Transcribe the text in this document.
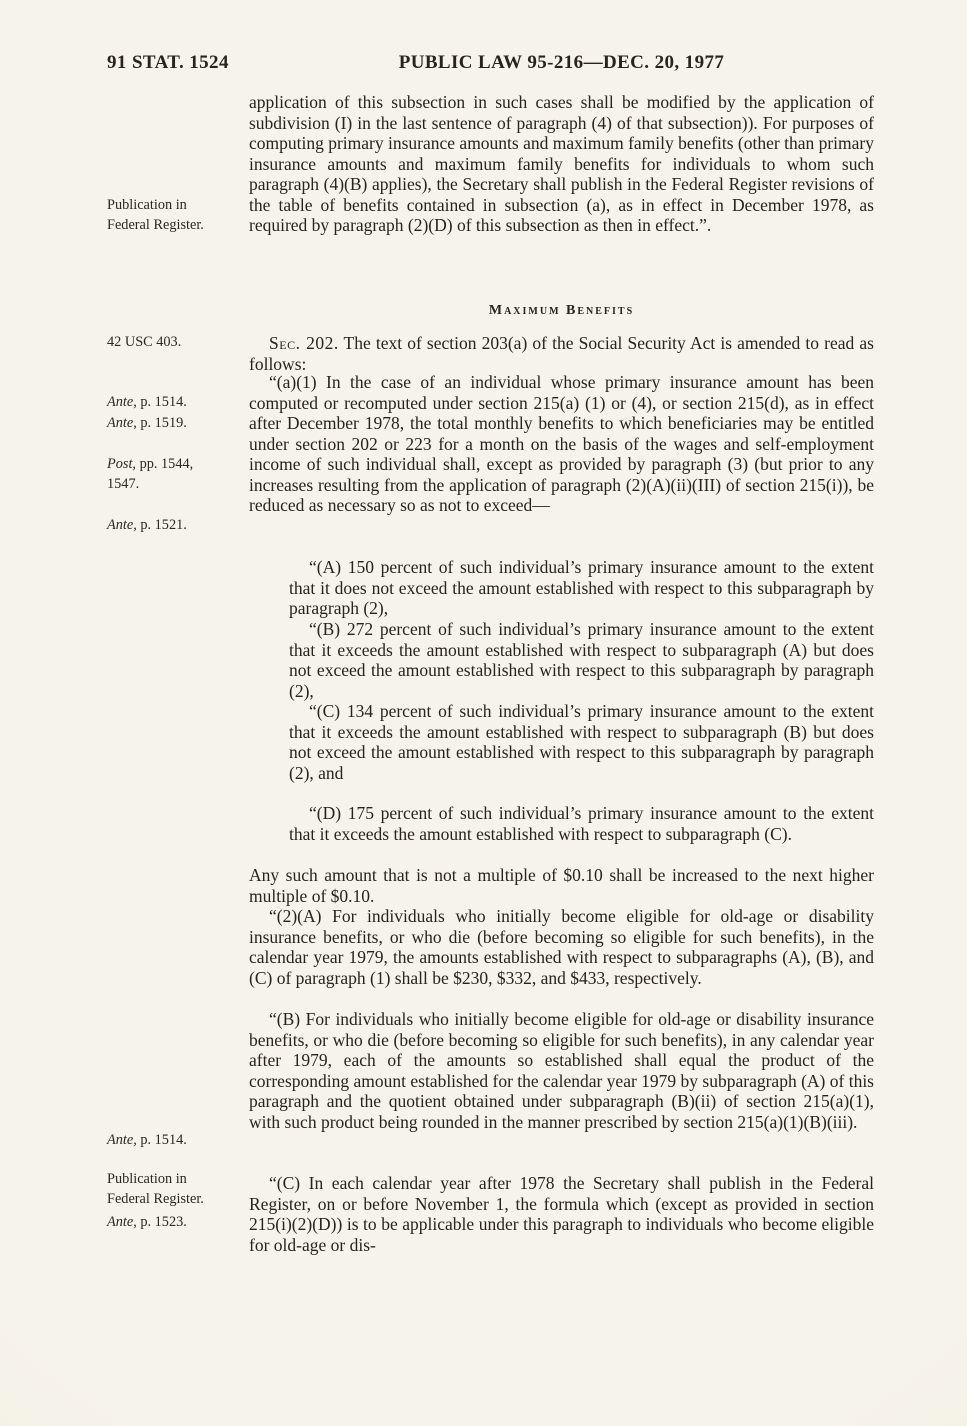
91 STAT. 1524	PUBLIC LAW 95-216—DEC. 20, 1977
Publication in
Federal Register.
42 USC 403.
Ante, p. 1514.
Ante, p. 1519.
Post, pp. 1544,
1547.
Ante, p. 1521.
Ante, p. 1514.
Publication in
Federal Register.
Ante, p. 1523.

application of this subsection in such cases shall be modified by the application of subdivision (I) in the last sentence of paragraph (4) of that subsection)). For purposes of computing primary insurance amounts and maximum family benefits (other than primary insurance amounts and maximum family benefits for individuals to whom such paragraph (4)(B) applies), the Secretary shall publish in the Federal Register revisions of the table of benefits contained in subsection (a), as in effect in December 1978, as required by paragraph (2)(D) of this subsection as then in effect.”.

Maximum Benefits

Sec. 202. The text of section 203(a) of the Social Security Act is amended to read as follows:

“(a)(1) In the case of an individual whose primary insurance amount has been computed or recomputed under section 215(a) (1) or (4), or section 215(d), as in effect after December 1978, the total monthly benefits to which beneficiaries may be entitled under section 202 or 223 for a month on the basis of the wages and self-employment income of such individual shall, except as provided by paragraph (3) (but prior to any increases resulting from the application of paragraph (2)(A)(ii)(III) of section 215(i)), be reduced as necessary so as not to exceed—

“(A) 150 percent of such individual’s primary insurance amount to the extent that it does not exceed the amount established with respect to this subparagraph by paragraph (2),

“(B) 272 percent of such individual’s primary insurance amount to the extent that it exceeds the amount established with respect to subparagraph (A) but does not exceed the amount established with respect to this subparagraph by paragraph (2),

“(C) 134 percent of such individual’s primary insurance amount to the extent that it exceeds the amount established with respect to subparagraph (B) but does not exceed the amount established with respect to this subparagraph by paragraph (2), and

“(D) 175 percent of such individual’s primary insurance amount to the extent that it exceeds the amount established with respect to subparagraph (C).

Any such amount that is not a multiple of $0.10 shall be increased to the next higher multiple of $0.10.

“(2)(A) For individuals who initially become eligible for old-age or disability insurance benefits, or who die (before becoming so eligible for such benefits), in the calendar year 1979, the amounts established with respect to subparagraphs (A), (B), and (C) of paragraph (1) shall be $230, $332, and $433, respectively.

“(B) For individuals who initially become eligible for old-age or disability insurance benefits, or who die (before becoming so eligible for such benefits), in any calendar year after 1979, each of the amounts so established shall equal the product of the corresponding amount established for the calendar year 1979 by subparagraph (A) of this paragraph and the quotient obtained under subparagraph (B)(ii) of section 215(a)(1), with such product being rounded in the manner prescribed by section 215(a)(1)(B)(iii).

“(C) In each calendar year after 1978 the Secretary shall publish in the Federal Register, on or before November 1, the formula which (except as provided in section 215(i)(2)(D)) is to be applicable under this paragraph to individuals who become eligible for old-age or dis-
